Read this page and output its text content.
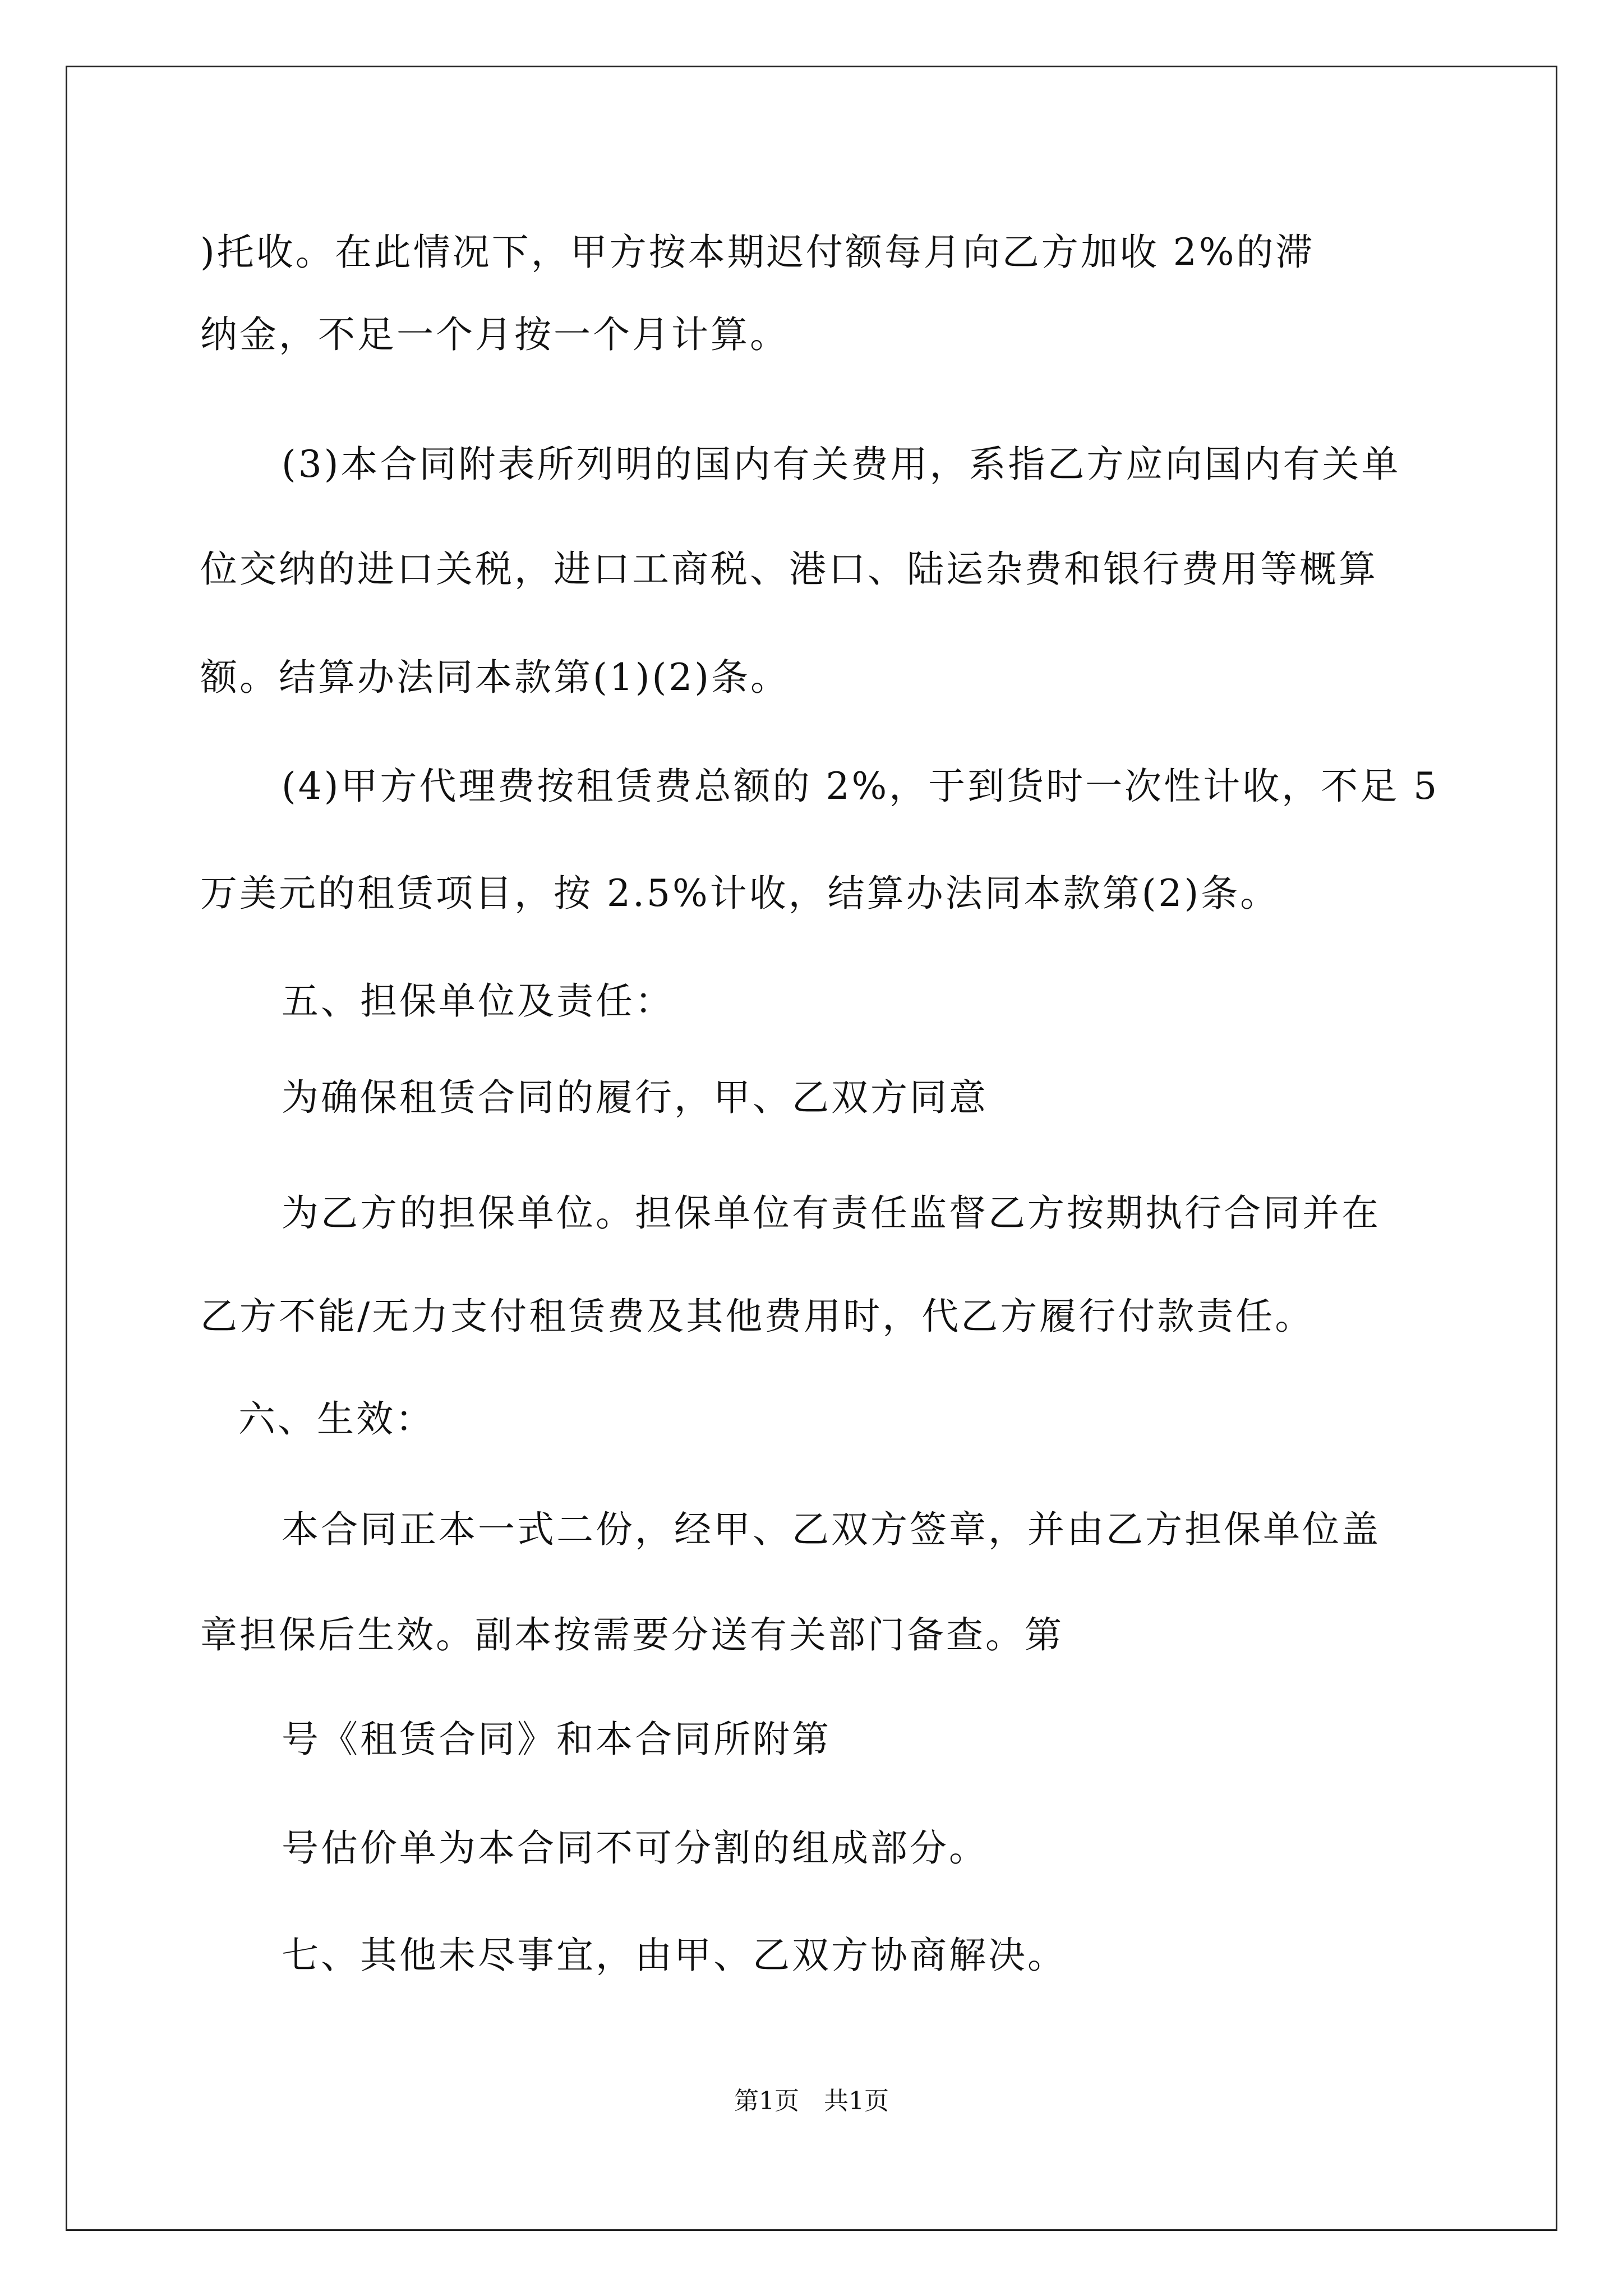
)托收。在此情况下，甲方按本期迟付额每月向乙方加收 2%的滞
纳金，不足一个月按一个月计算。
(3)本合同附表所列明的国内有关费用，系指乙方应向国内有关单
位交纳的进口关税，进口工商税、港口、陆运杂费和银行费用等概算
额。结算办法同本款第(1)(2)条。
(4)甲方代理费按租赁费总额的 2%，于到货时一次性计收，不足 5
万美元的租赁项目，按 2.5%计收，结算办法同本款第(2)条。
五、担保单位及责任：
为确保租赁合同的履行，甲、乙双方同意
为乙方的担保单位。担保单位有责任监督乙方按期执行合同并在
乙方不能/无力支付租赁费及其他费用时，代乙方履行付款责任。
六、生效：
本合同正本一式二份，经甲、乙双方签章，并由乙方担保单位盖
章担保后生效。副本按需要分送有关部门备查。第
号《租赁合同》和本合同所附第
号估价单为本合同不可分割的组成部分。
七、其他未尽事宜，由甲、乙双方协商解决。
第1页　共1页
